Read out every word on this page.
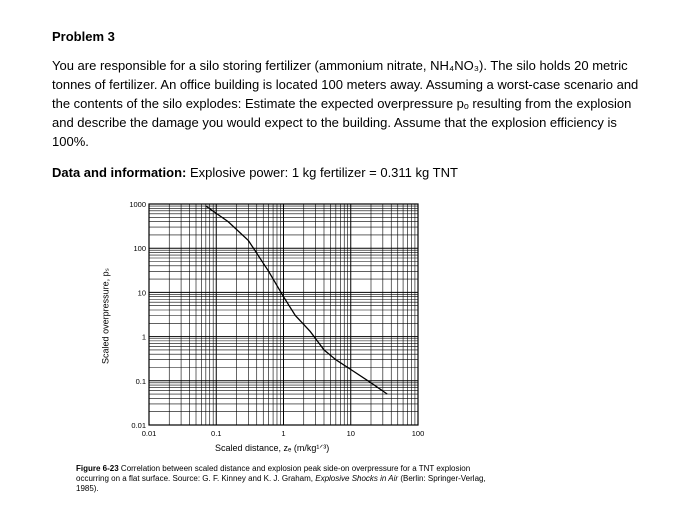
Problem 3
You are responsible for a silo storing fertilizer (ammonium nitrate, NH₄NO₃). The silo holds 20 metric tonnes of fertilizer. An office building is located 100 meters away. Assuming a worst-case scenario and the contents of the silo explodes: Estimate the expected overpressure pₒ resulting from the explosion and describe the damage you would expect to the building. Assume that the explosion efficiency is 100%.
Data and information: Explosive power: 1 kg fertilizer = 0.311 kg TNT
1000
100
10
1
0.1
0.01
0.01	0.1	1	10	100
Scaled overpressure, pₛ
Scaled distance, zₑ (m/kg¹ᐟ³)
Figure 6-23 Correlation between scaled distance and explosion peak side-on overpressure for a TNT explosion occurring on a flat surface. Source: G. F. Kinney and K. J. Graham, Explosive Shocks in Air (Berlin: Springer-Verlag, 1985).
